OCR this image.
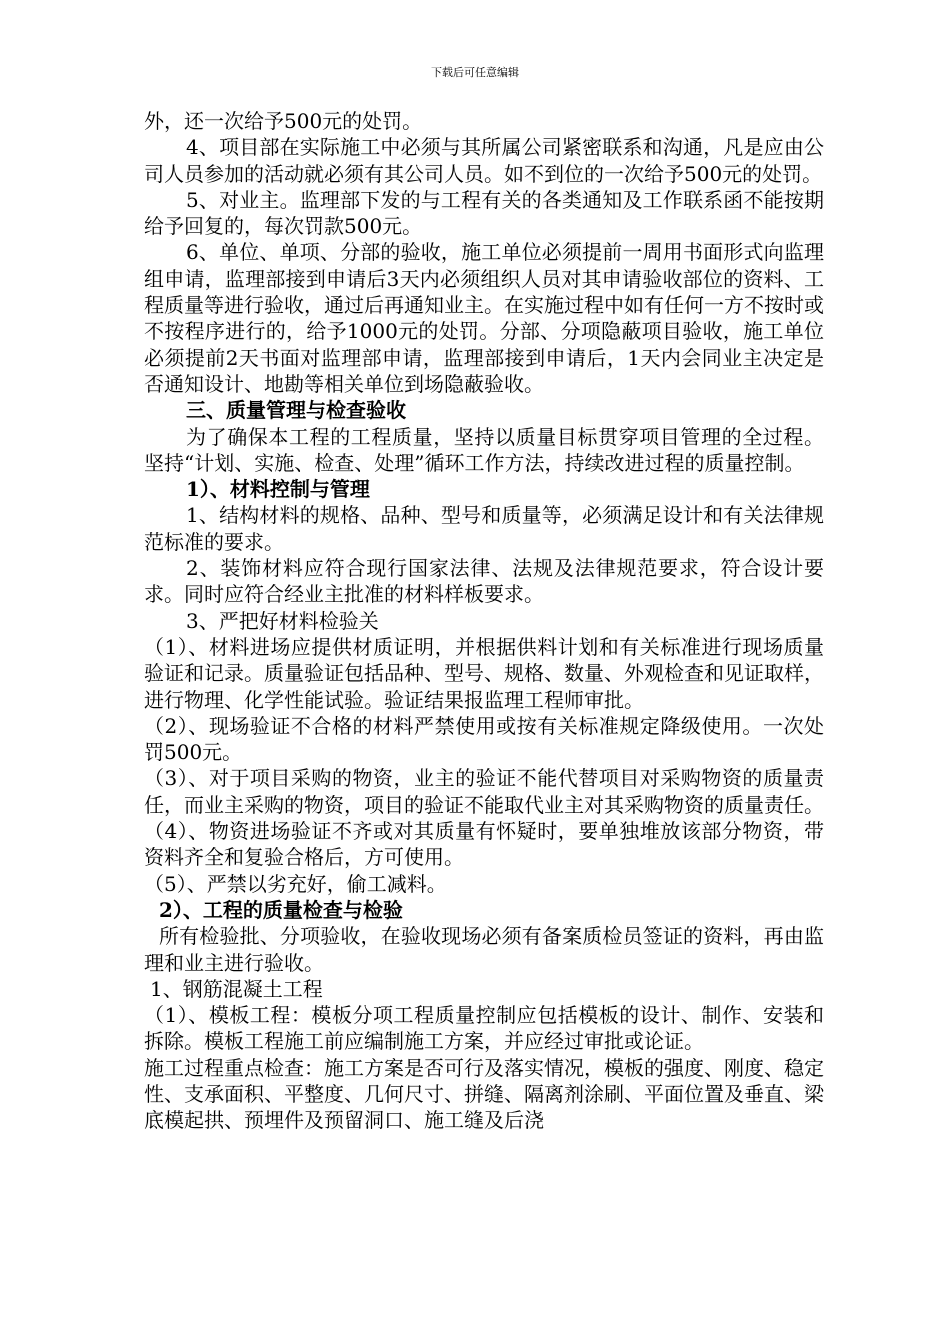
下载后可任意编辑

外，还一次给予500元的处罚。

4、项目部在实际施工中必须与其所属公司紧密联系和沟通，凡是应由公司人员参加的活动就必须有其公司人员。如不到位的一次给予500元的处罚。

5、对业主。监理部下发的与工程有关的各类通知及工作联系函不能按期给予回复的，每次罚款500元。

6、单位、单项、分部的验收，施工单位必须提前一周用书面形式向监理组申请，监理部接到申请后3天内必须组织人员对其申请验收部位的资料、工程质量等进行验收，通过后再通知业主。在实施过程中如有任何一方不按时或不按程序进行的，给予1000元的处罚。分部、分项隐蔽项目验收，施工单位必须提前2天书面对监理部申请，监理部接到申请后，1天内会同业主决定是否通知设计、地勘等相关单位到场隐蔽验收。

三、质量管理与检查验收

为了确保本工程的工程质量，坚持以质量目标贯穿项目管理的全过程。坚持“计划、实施、检查、处理”循环工作方法，持续改进过程的质量控制。

1）、材料控制与管理

1、结构材料的规格、品种、型号和质量等，必须满足设计和有关法律规范标准的要求。

2、装饰材料应符合现行国家法律、法规及法律规范要求，符合设计要求。同时应符合经业主批准的材料样板要求。

3、严把好材料检验关

（1）、材料进场应提供材质证明，并根据供料计划和有关标准进行现场质量验证和记录。质量验证包括品种、型号、规格、数量、外观检查和见证取样，进行物理、化学性能试验。验证结果报监理工程师审批。

（2）、现场验证不合格的材料严禁使用或按有关标准规定降级使用。一次处罚500元。

（3）、对于项目采购的物资，业主的验证不能代替项目对采购物资的质量责任，而业主采购的物资，项目的验证不能取代业主对其采购物资的质量责任。

（4）、物资进场验证不齐或对其质量有怀疑时，要单独堆放该部分物资，带资料齐全和复验合格后，方可使用。

（5）、严禁以劣充好，偷工减料。

2）、工程的质量检查与检验

所有检验批、分项验收，在验收现场必须有备案质检员签证的资料，再由监理和业主进行验收。

1、钢筋混凝土工程

（1）、模板工程：模板分项工程质量控制应包括模板的设计、制作、安装和拆除。模板工程施工前应编制施工方案，并应经过审批或论证。

施工过程重点检查：施工方案是否可行及落实情况，模板的强度、刚度、稳定性、支承面积、平整度、几何尺寸、拼缝、隔离剂涂刷、平面位置及垂直、梁底模起拱、预埋件及预留洞口、施工缝及后浇
